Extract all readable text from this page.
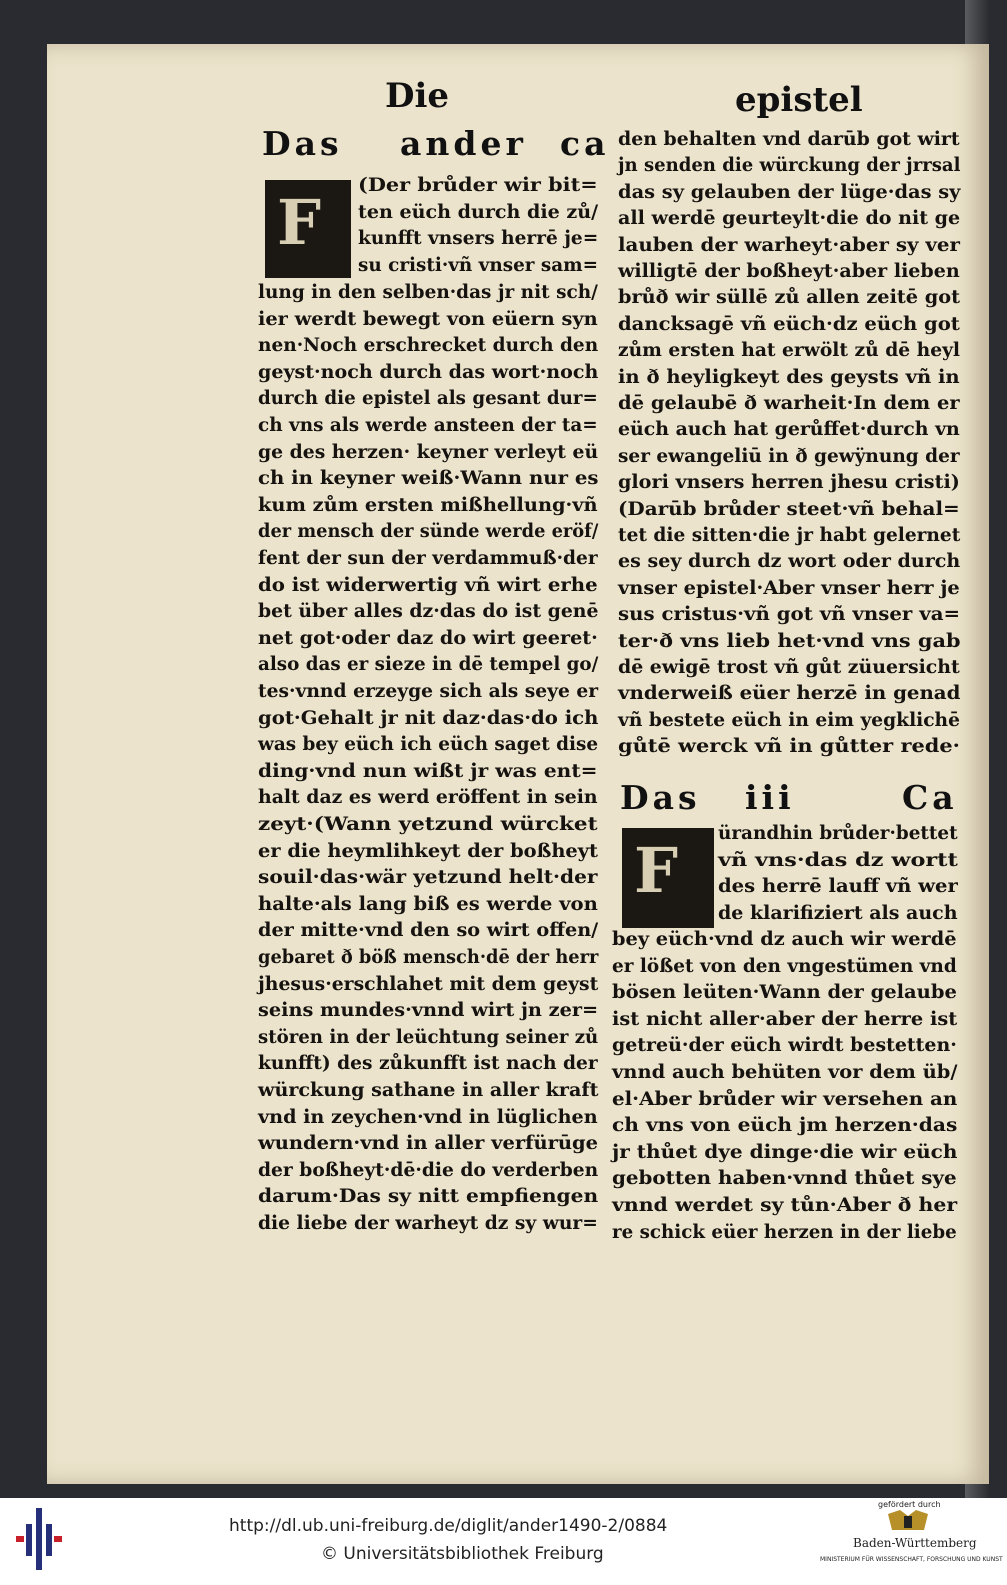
Die	epistel
Das ander ca
F
(Der brůder wir bit=
ten eüch durch die zů/
kunfft vnsers herrē je=
su cristi·vñ vnser sam=
lung in den selben·das jr nit sch/
ier werdt bewegt von eüern syn
nen·Noch erschrecket durch den
geyst·noch durch das wort·noch
durch die epistel als gesant dur=
ch vns als werde ansteen der ta=
ge des herzen· keyner verleyt eü
ch in keyner weiß·Wann nur es
kum zům ersten mißhellung·vñ
der mensch der sünde werde eröf/
fent der sun der verdammuß·der
do ist widerwertig vñ wirt erhe
bet über alles dz·das do ist genē
net got·oder daz do wirt geeret·
also das er sieze in dē tempel go/
tes·vnnd erzeyge sich als seye er
got·Gehalt jr nit daz·das·do ich
was bey eüch ich eüch saget dise
ding·vnd nun wißt jr was ent=
halt daz es werd eröffent in sein
zeyt·(Wann yetzund würcket
er die heymlihkeyt der boßheyt
souil·das·wär yetzund helt·der
halte·als lang biß es werde von
der mitte·vnd den so wirt offen/
gebaret ð böß mensch·dē der herr
jhesus·erschlahet mit dem geyst
seins mundes·vnnd wirt jn zer=
stören in der leüchtung seiner zů
kunfft) des zůkunfft ist nach der
würckung sathane in aller kraft
vnd in zeychen·vnd in lüglichen
wundern·vnd in aller verfürūge
der boßheyt·dē·die do verderben
darum·Das sy nitt empfiengen
die liebe der warheyt dz sy wur=
den behalten vnd darūb got wirt
jn senden die würckung der jrrsal
das sy gelauben der lüge·das sy
all werdē geurteylt·die do nit ge
lauben der warheyt·aber sy ver
willigtē der boßheyt·aber lieben
brůð wir süllē zů allen zeitē got
dancksagē vñ eüch·dz eüch got
zům ersten hat erwölt zů dē heyl
in ð heyligkeyt des geysts vñ in
dē gelaubē ð warheit·In dem er
eüch auch hat gerůffet·durch vn
ser ewangeliū in ð gewÿnung der
glori vnsers herren jhesu cristi)
(Darūb brůder steet·vñ behal=
tet die sitten·die jr habt gelernet
es sey durch dz wort oder durch
vnser epistel·Aber vnser herr je
sus cristus·vñ got vñ vnser va=
ter·ð vns lieb het·vnd vns gab
dē ewigē trost vñ gůt züuersicht
vnderweiß eüer herzē in genad
vñ bestete eüch in eim yegklichē
gůtē werck vñ in gůtter rede·
ürandhin brůder·bettet
vñ vns·das dz wortt
des herrē lauff vñ wer
de klarifiziert als auch
bey eüch·vnd dz auch wir werdē
er lößet von den vngestümen vnd
bösen leüten·Wann der gelaube
ist nicht aller·aber der herre ist
getreü·der eüch wirdt bestetten·
vnnd auch behüten vor dem üb/
el·Aber brůder wir versehen an
ch vns von eüch jm herzen·das
jr thůet dye dinge·die wir eüch
gebotten haben·vnnd thůet sye
vnnd werdet sy tůn·Aber ð her
re schick eüer herzen in der liebe
Das iii	Ca
F
http://dl.ub.uni-freiburg.de/diglit/ander1490-2/0884
© Universitätsbibliothek Freiburg
gefördert durch
Baden-Württemberg
MINISTERIUM FÜR WISSENSCHAFT, FORSCHUNG UND KUNST
